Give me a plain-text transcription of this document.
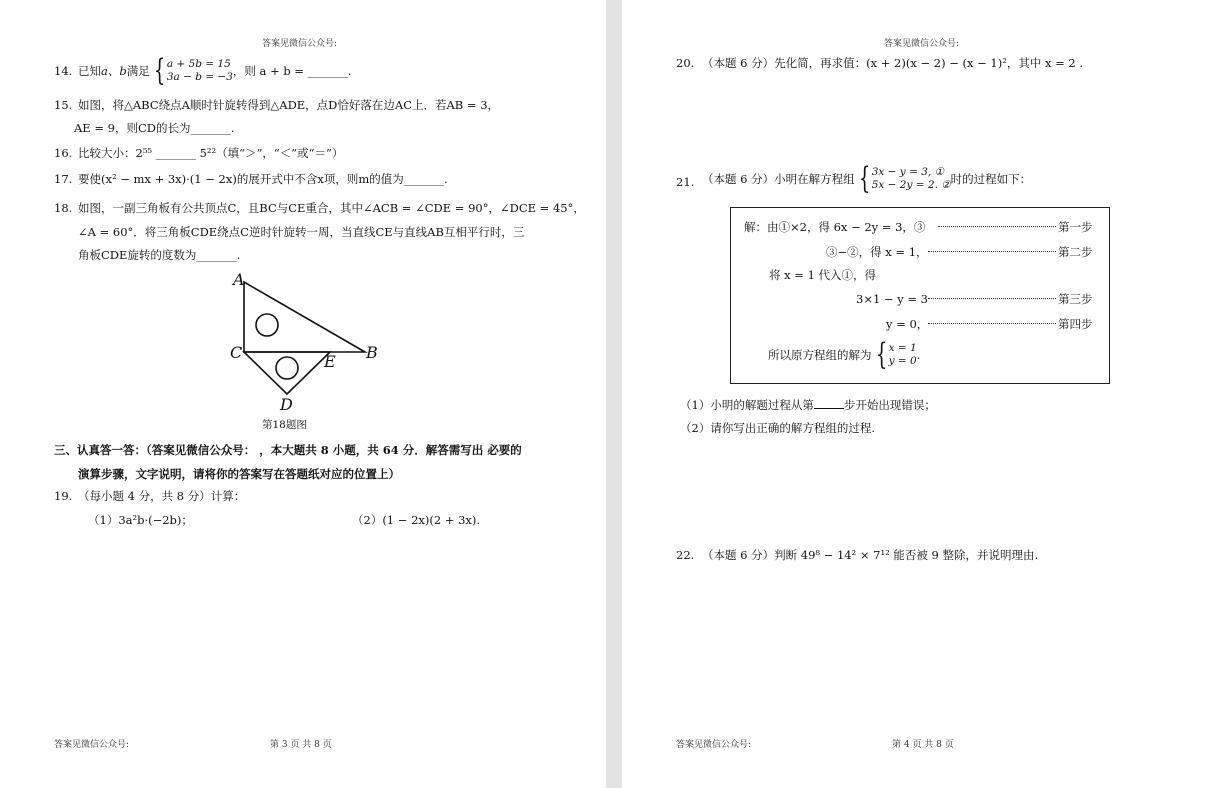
答案见微信公众号:
14. 已知 a、b 满足 { a + 5b = 15
3a − b = −3 ，则 a + b = _______.
15. 如图，将△ABC绕点A顺时针旋转得到△ADE，点D恰好落在边AC上．若AB = 3，
AE = 9，则CD的长为_______.
16. 比较大小：2⁵⁵ _______ 5²²（填“＞”，“＜”或“＝”）
17. 要使(x² − mx + 3x)·(1 − 2x)的展开式中不含x项，则m的值为_______.
18. 如图，一副三角板有公共顶点C，且BC与CE重合，其中∠ACB = ∠CDE = 90°，∠DCE = 45°，
∠A = 60°．将三角板CDE绕点C逆时针旋转一周，当直线CE与直线AB互相平行时，三
角板CDE旋转的度数为_______.
A
B
C
D
E
第18题图
三、认真答一答：（答案见微信公众号： ，本大题共 8 小题，共 64 分．解答需写出 必要的
演算步骤，文字说明，请将你的答案写在答题纸对应的位置上）
19. （每小题 4 分，共 8 分）计算：
（1）3a²b·(−2b)；	（2）(1 − 2x)(2 + 3x).
答案见微信公众号:	第 3 页 共 8 页
答案见微信公众号:
20. （本题 6 分）先化简，再求值：(x + 2)(x − 2) − (x − 1)²，其中 x = 2 .
21. （本题 6 分）小明在解方程组 { 3x − y = 3, ①
5x − 2y = 2. ② 时的过程如下：
解：由①×2，得 6x − 2y = 3，③	第一步
③−②，得 x = 1，	第二步
将 x = 1 代入①，得
3×1 − y = 3	第三步
y = 0，	第四步
所以原方程组的解为 { x = 1
y = 0 .
（1）小明的解题过程从第	步开始出现错误；
（2）请你写出正确的解方程组的过程.
22. （本题 6 分）判断 49⁸ − 14² × 7¹² 能否被 9 整除，并说明理由.
答案见微信公众号:	第 4 页 共 8 页
